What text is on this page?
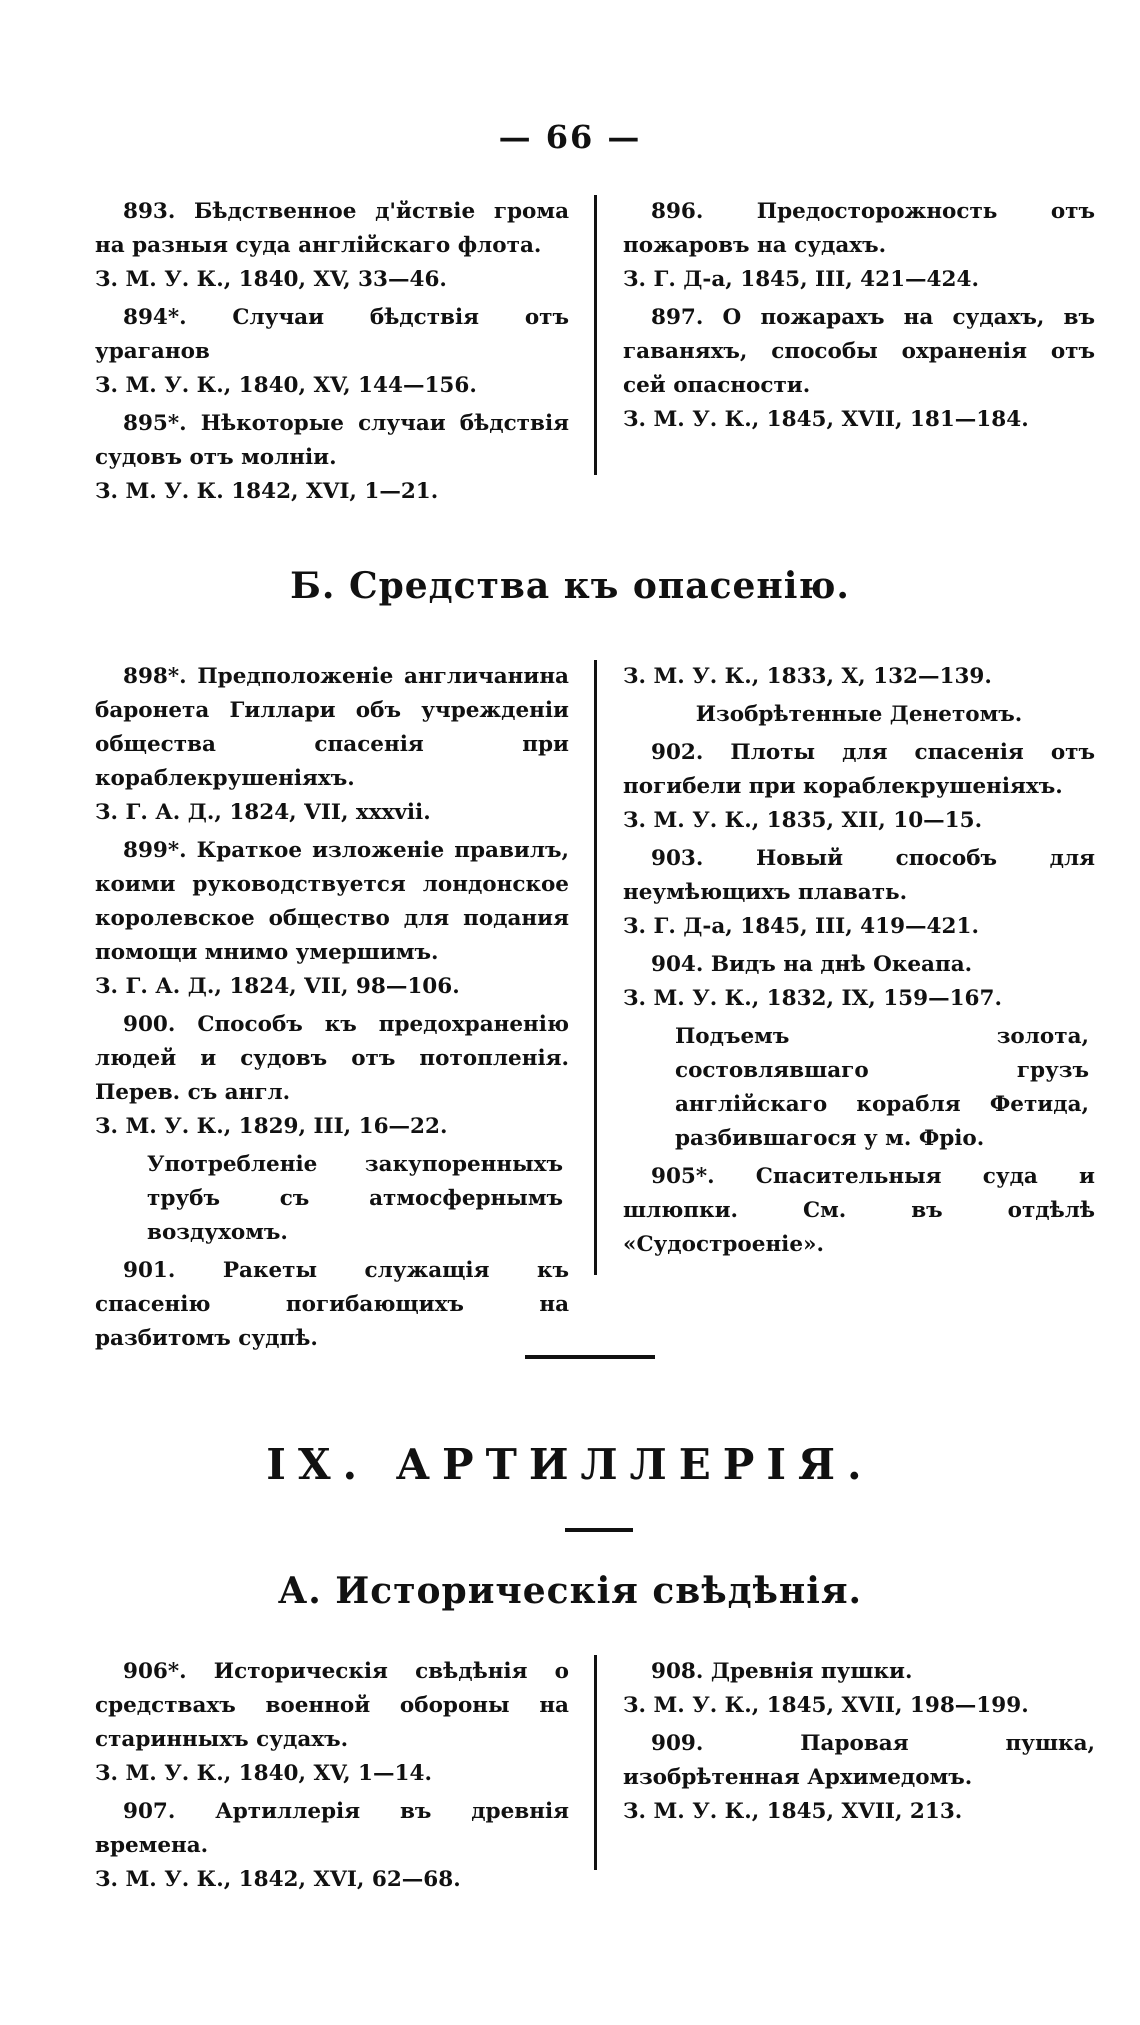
— 66 —
893. Бѣдственное д'йствіе грома на разныя суда англійскаго флота.
З. М. У. К., 1840, XV, 33—46.
894*. Случаи бѣдствія отъ ураганов
З. М. У. К., 1840, XV, 144—156.
895*. Нѣкоторые случаи бѣдствія судовъ отъ молніи.
З. М. У. К. 1842, XVI, 1—21.
896. Предосторожность отъ пожаровъ на судахъ.
З. Г. Д-а, 1845, III, 421—424.
897. О пожарахъ на судахъ, въ гаваняхъ, способы охраненія отъ сей опасности.
З. М. У. К., 1845, XVII, 181—184.
Б. Средства къ опасенію.
898*. Предположеніе англичанина баронета Гиллари объ учрежденіи общества спасенія при кораблекрушеніяхъ.
З. Г. А. Д., 1824, VII, xxxvii.
899*. Краткое изложеніе правилъ, коими руководствуется лондонское королевское общество для подания помощи мнимо умершимъ.
З. Г. А. Д., 1824, VII, 98—106.
900. Способъ къ предохраненію людей и судовъ отъ потопленія. Перев. съ англ.
З. М. У. К., 1829, III, 16—22.
Употребленіе закупоренныхъ трубъ съ атмосфернымъ воздухомъ.
901. Ракеты служащія къ спасенію погибающихъ на разбитомъ судпѣ.
З. М. У. К., 1833, X, 132—139.
Изобрѣтенные Денетомъ.
902. Плоты для спасенія отъ погибели при кораблекрушеніяхъ.
З. М. У. К., 1835, XII, 10—15.
903. Новый способъ для неумѣющихъ плавать.
З. Г. Д-а, 1845, III, 419—421.
904. Видъ на днѣ Океапа.
З. М. У. К., 1832, IX, 159—167.
Подъемъ золота, состовлявшаго грузъ англійскаго корабля Фетида, разбившагося у м. Фріо.
905*. Спасительныя суда и шлюпки. См. въ отдѣлѣ «Судостроеніе».
IX. АРТИЛЛЕРІЯ.
А. Историческія свѣдѣнія.
906*. Историческія свѣдѣнія о средствахъ военной обороны на старинныхъ судахъ.
З. М. У. К., 1840, XV, 1—14.
907. Артиллерія въ древнія времена.
З. М. У. К., 1842, XVI, 62—68.
908. Древнія пушки.
З. М. У. К., 1845, XVII, 198—199.
909. Паровая пушка, изобрѣтенная Архимедомъ.
З. М. У. К., 1845, XVII, 213.
